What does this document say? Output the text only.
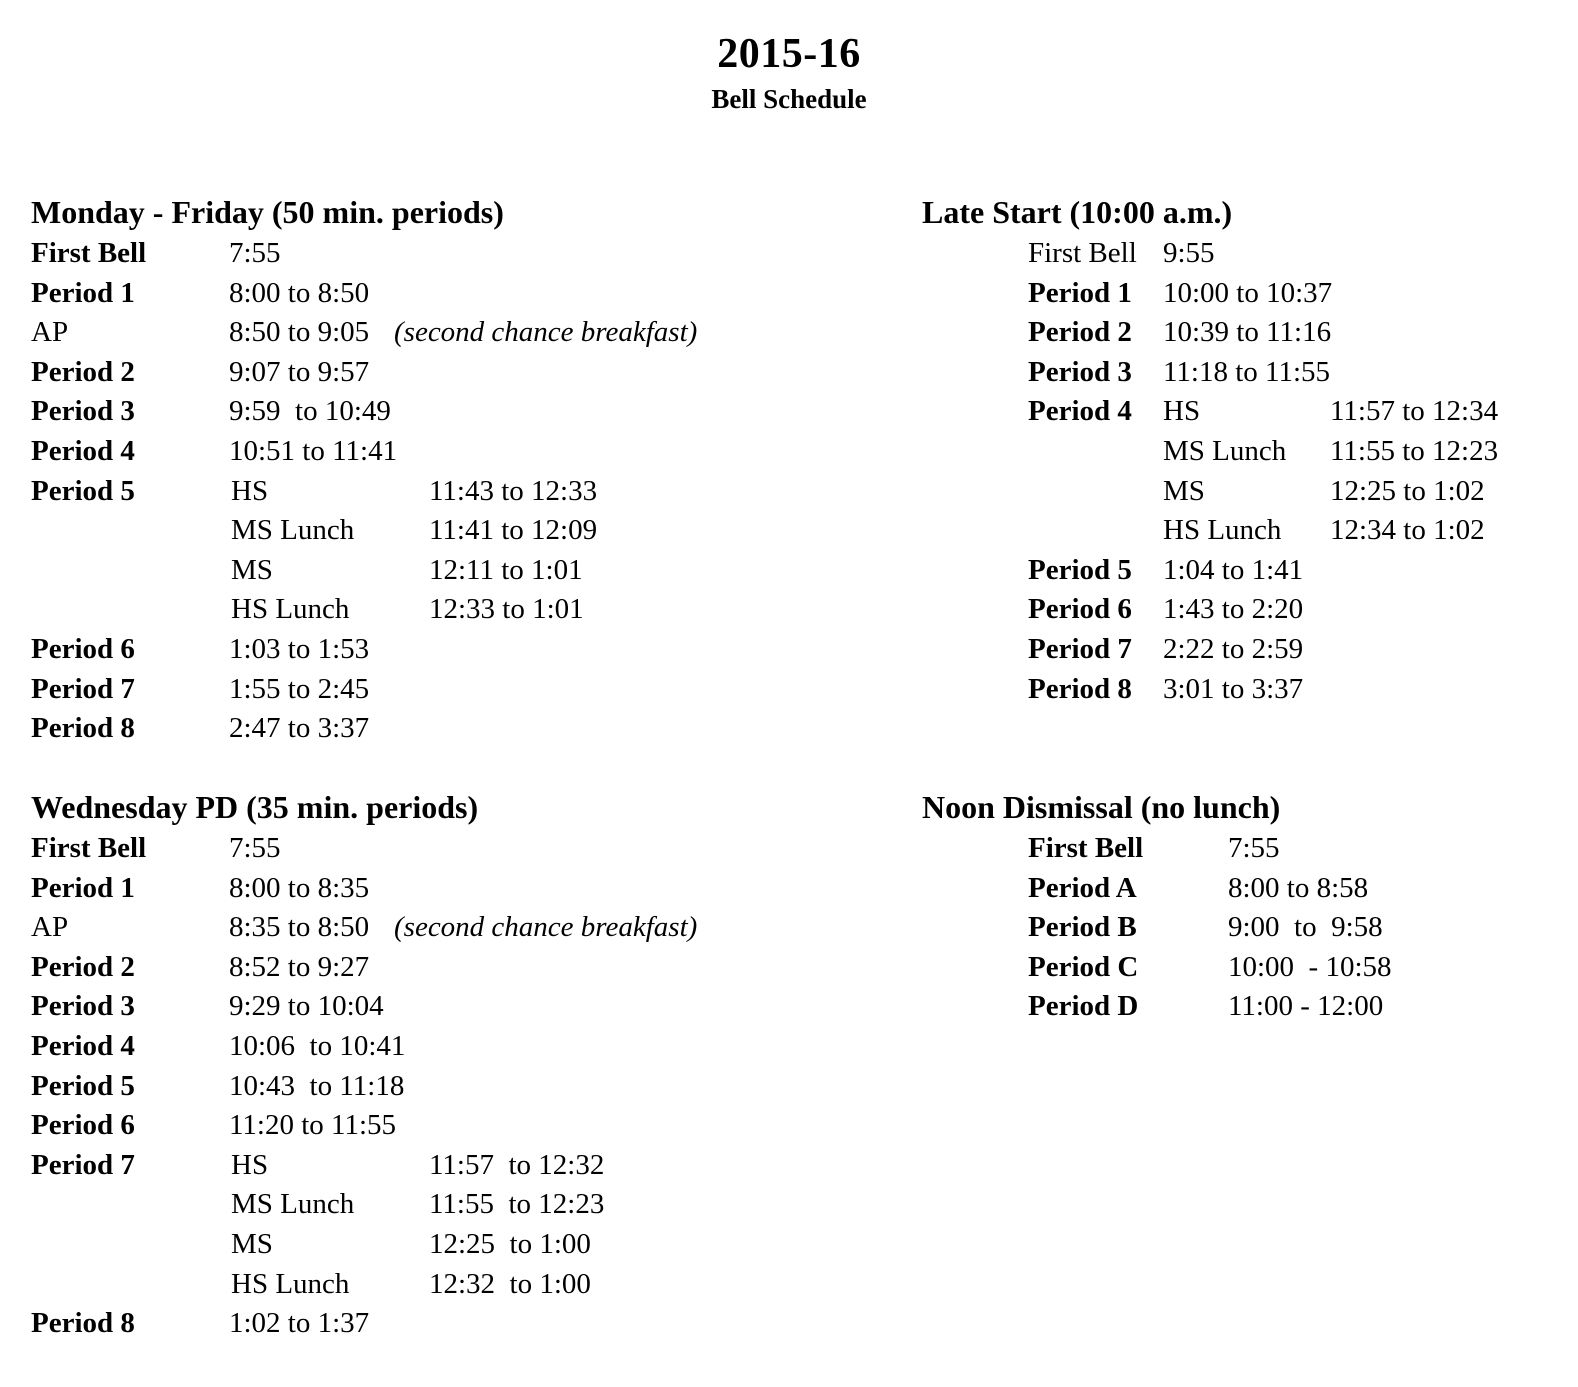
2015-16
Bell Schedule
Monday - Friday (50 min. periods)
First Bell	7:55
Period 1	8:00 to 8:50
AP	8:50 to 9:05 (second chance breakfast)
Period 2	9:07 to 9:57
Period 3	9:59  to 10:49
Period 4	10:51 to 11:41
Period 5	HS	11:43 to 12:33
MS Lunch	11:41 to 12:09
MS	12:11 to 1:01
HS Lunch	12:33 to 1:01
Period 6	1:03 to 1:53
Period 7	1:55 to 2:45
Period 8	2:47 to 3:37
Late Start (10:00 a.m.)
First Bell 9:55
Period 1 10:00 to 10:37
Period 2 10:39 to 11:16
Period 3 11:18 to 11:55
Period 4 HS	11:57 to 12:34
MS Lunch 11:55 to 12:23
MS	12:25 to 1:02
HS Lunch 12:34 to 1:02
Period 5 1:04 to 1:41
Period 6 1:43 to 2:20
Period 7 2:22 to 2:59
Period 8 3:01 to 3:37
Wednesday PD (35 min. periods)
First Bell	7:55
Period 1	8:00 to 8:35
AP	8:35 to 8:50 (second chance breakfast)
Period 2	8:52 to 9:27
Period 3	9:29 to 10:04
Period 4	10:06  to 10:41
Period 5	10:43  to 11:18
Period 6	11:20 to 11:55
Period 7	HS	11:57  to 12:32
MS Lunch	11:55  to 12:23
MS	12:25  to 1:00
HS Lunch	12:32  to 1:00
Period 8	1:02 to 1:37
Noon Dismissal (no lunch)
First Bell	7:55
Period A	8:00 to 8:58
Period B	9:00  to  9:58
Period C	10:00  - 10:58
Period D	11:00 - 12:00
